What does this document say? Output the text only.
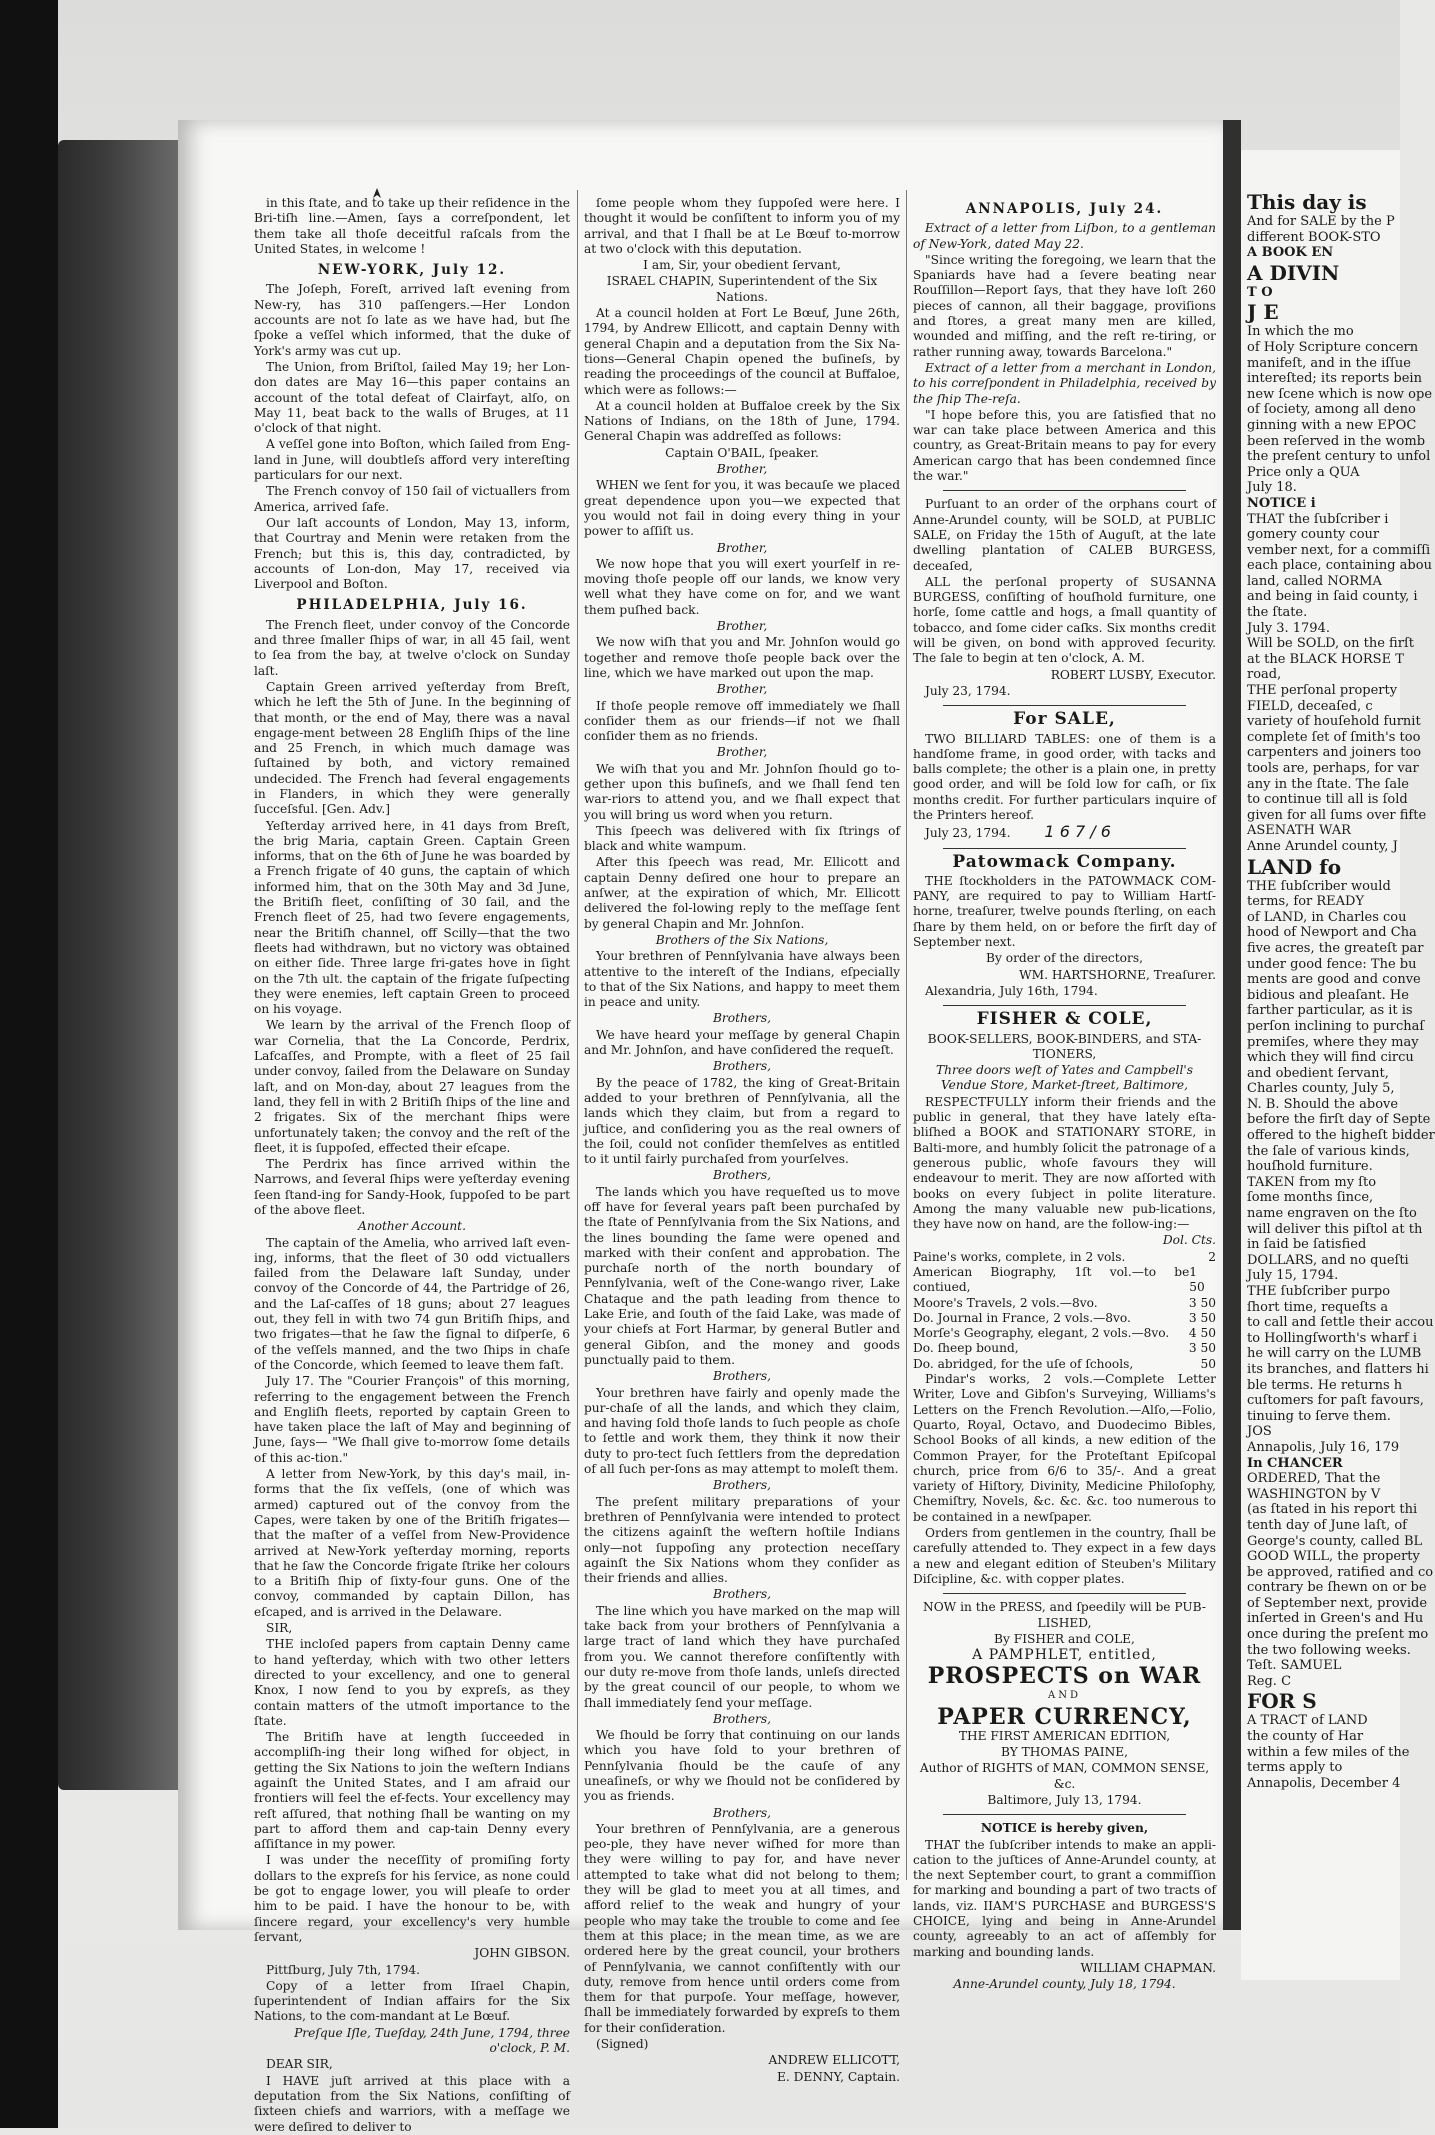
in this ſtate, and to take up their reſidence in the Bri-tiſh line.—Amen, ſays a correſpondent, let them take all thoſe deceitful raſcals from the United States, in welcome !

NEW-YORK, July 12.

The Joſeph, Foreſt, arrived laſt evening from New-ry, has 310 paſſengers.—Her London accounts are not ſo late as we have had, but ſhe ſpoke a veſſel which informed, that the duke of York's army was cut up.

The Union, from Briſtol, ſailed May 19; her Lon-don dates are May 16—this paper contains an account of the total defeat of Clairfayt, alſo, on May 11, beat back to the walls of Bruges, at 11 o'clock of that night.

A veſſel gone into Boſton, which ſailed from Eng-land in June, will doubtleſs afford very intereſting particulars for our next.

The French convoy of 150 ſail of victuallers from America, arrived ſafe.

Our laſt accounts of London, May 13, inform, that Courtray and Menin were retaken from the French; but this is, this day, contradicted, by accounts of Lon-don, May 17, received via Liverpool and Boſton.

PHILADELPHIA, July 16.

The French fleet, under convoy of the Concorde and three ſmaller ſhips of war, in all 45 ſail, went to ſea from the bay, at twelve o'clock on Sunday laſt.

Captain Green arrived yeſterday from Breſt, which he left the 5th of June. In the beginning of that month, or the end of May, there was a naval engage-ment between 28 Engliſh ſhips of the line and 25 French, in which much damage was ſuſtained by both, and victory remained undecided. The French had ſeveral engagements in Flanders, in which they were generally ſucceſsful. [Gen. Adv.]

Yeſterday arrived here, in 41 days from Breſt, the brig Maria, captain Green. Captain Green informs, that on the 6th of June he was boarded by a French frigate of 40 guns, the captain of which informed him, that on the 30th May and 3d June, the Britiſh fleet, conſiſting of 30 ſail, and the French fleet of 25, had two ſevere engagements, near the Britiſh channel, off Scilly—that the two fleets had withdrawn, but no victory was obtained on either ſide. Three large fri-gates hove in ſight on the 7th ult. the captain of the frigate ſuſpecting they were enemies, left captain Green to proceed on his voyage.

We learn by the arrival of the French ſloop of war Cornelia, that the La Concorde, Perdrix, Lafcaſſes, and Prompte, with a fleet of 25 ſail under convoy, ſailed from the Delaware on Sunday laſt, and on Mon-day, about 27 leagues from the land, they fell in with 2 Britiſh ſhips of the line and 2 frigates. Six of the merchant ſhips were unfortunately taken; the convoy and the reſt of the fleet, it is ſuppoſed, effected their eſcape.

The Perdrix has ſince arrived within the Narrows, and ſeveral ſhips were yeſterday evening ſeen ſtand-ing for Sandy-Hook, ſuppoſed to be part of the above fleet.

Another Account.

The captain of the Amelia, who arrived laſt even-ing, informs, that the fleet of 30 odd victuallers failed from the Delaware laſt Sunday, under convoy of the Concorde of 44, the Partridge of 26, and the Laſ-caſſes of 18 guns; about 27 leagues out, they fell in with two 74 gun Britiſh ſhips, and two frigates—that he ſaw the ſignal to diſperſe, 6 of the veſſels manned, and the two ſhips in chaſe of the Concorde, which ſeemed to leave them faſt.

July 17. The "Courier François" of this morning, referring to the engagement between the French and Engliſh fleets, reported by captain Green to have taken place the laſt of May and beginning of June, ſays— "We ſhall give to-morrow ſome details of this ac-tion."

A letter from New-York, by this day's mail, in-forms that the ſix veſſels, (one of which was armed) captured out of the convoy from the Capes, were taken by one of the Britiſh frigates—that the maſter of a veſſel from New-Providence arrived at New-York yeſterday morning, reports that he ſaw the Concorde frigate ſtrike her colours to a Britiſh ſhip of ſixty-four guns. One of the convoy, commanded by captain Dillon, has eſcaped, and is arrived in the Delaware.

SIR,

THE incloſed papers from captain Denny came to hand yeſterday, which with two other letters directed to your excellency, and one to general Knox, I now ſend to you by expreſs, as they contain matters of the utmoſt importance to the ſtate.

The Britiſh have at length ſucceeded in accompliſh-ing their long wiſhed for object, in getting the Six Nations to join the weſtern Indians againſt the United States, and I am afraid our frontiers will feel the ef-fects. Your excellency may reſt aſſured, that nothing ſhall be wanting on my part to afford them and cap-tain Denny every aſſiſtance in my power.

I was under the neceſſity of promiſing forty dollars to the expreſs for his ſervice, as none could be got to engage lower, you will pleaſe to order him to be paid. I have the honour to be, with ſincere regard, your excellency's very humble ſervant,

JOHN GIBSON.

Pittſburg, July 7th, 1794.

Copy of a letter from Iſrael Chapin, ſuperintendent of Indian affairs for the Six Nations, to the com-mandant at Le Bœuf.

Preſque Iſle, Tueſday, 24th June, 1794, three o'clock, P. M.

DEAR SIR,

I HAVE juſt arrived at this place with a deputation from the Six Nations, conſiſting of ſixteen chiefs and warriors, with a meſſage we were deſired to deliver to

ſome people whom they ſuppoſed were here. I thought it would be conſiſtent to inform you of my arrival, and that I ſhall be at Le Bœuf to-morrow at two o'clock with this deputation.

I am, Sir, your obedient ſervant,

ISRAEL CHAPIN, Superintendent of the Six Nations.

At a council holden at Fort Le Bœuf, June 26th, 1794, by Andrew Ellicott, and captain Denny with general Chapin and a deputation from the Six Na-tions—General Chapin opened the buſineſs, by reading the proceedings of the council at Buffaloe, which were as follows:—

At a council holden at Buffaloe creek by the Six Nations of Indians, on the 18th of June, 1794. General Chapin was addreſſed as follows:

Captain O'BAIL, ſpeaker.

Brother,

WHEN we ſent for you, it was becauſe we placed great dependence upon you—we expected that you would not fail in doing every thing in your power to aſſiſt us.

Brother,

We now hope that you will exert yourſelf in re-moving thoſe people off our lands, we know very well what they have come on for, and we want them puſhed back.

Brother,

We now wiſh that you and Mr. Johnſon would go together and remove thoſe people back over the line, which we have marked out upon the map.

Brother,

If thoſe people remove off immediately we ſhall conſider them as our friends—if not we ſhall conſider them as no friends.

Brother,

We wiſh that you and Mr. Johnſon ſhould go to-gether upon this buſineſs, and we ſhall ſend ten war-riors to attend you, and we ſhall expect that you will bring us word when you return.

This ſpeech was delivered with ſix ſtrings of black and white wampum.

After this ſpeech was read, Mr. Ellicott and captain Denny deſired one hour to prepare an anſwer, at the expiration of which, Mr. Ellicott delivered the fol-lowing reply to the meſſage ſent by general Chapin and Mr. Johnſon.

Brothers of the Six Nations,

Your brethren of Pennſylvania have always been attentive to the intereſt of the Indians, eſpecially to that of the Six Nations, and happy to meet them in peace and unity.

Brothers,

We have heard your meſſage by general Chapin and Mr. Johnſon, and have conſidered the requeſt.

Brothers,

By the peace of 1782, the king of Great-Britain added to your brethren of Pennſylvania, all the lands which they claim, but from a regard to juſtice, and conſidering you as the real owners of the ſoil, could not conſider themſelves as entitled to it until fairly purchaſed from yourſelves.

Brothers,

The lands which you have requeſted us to move off have for ſeveral years paſt been purchaſed by the ſtate of Pennſylvania from the Six Nations, and the lines bounding the ſame were opened and marked with their conſent and approbation. The purchaſe north of the north boundary of Pennſylvania, weſt of the Cone-wango river, Lake Chataque and the path leading from thence to Lake Erie, and ſouth of the ſaid Lake, was made of your chiefs at Fort Harmar, by general Butler and general Gibſon, and the money and goods punctually paid to them.

Brothers,

Your brethren have fairly and openly made the pur-chaſe of all the lands, and which they claim, and having ſold thoſe lands to ſuch people as choſe to ſettle and work them, they think it now their duty to pro-tect ſuch ſettlers from the depredation of all ſuch per-ſons as may attempt to moleſt them.

Brothers,

The preſent military preparations of your brethren of Pennſylvania were intended to protect the citizens againſt the weſtern hoſtile Indians only—not ſuppoſing any protection neceſſary againſt the Six Nations whom they conſider as their friends and allies.

Brothers,

The line which you have marked on the map will take back from your brothers of Pennſylvania a large tract of land which they have purchaſed from you. We cannot therefore conſiſtently with our duty re-move from thoſe lands, unleſs directed by the great council of our people, to whom we ſhall immediately ſend your meſſage.

Brothers,

We ſhould be ſorry that continuing on our lands which you have ſold to your brethren of Pennſylvania ſhould be the cauſe of any uneaſineſs, or why we ſhould not be conſidered by you as friends.

Brothers,

Your brethren of Pennſylvania, are a generous peo-ple, they have never wiſhed for more than they were willing to pay for, and have never attempted to take what did not belong to them; they will be glad to meet you at all times, and afford relief to the weak and hungry of your people who may take the trouble to come and ſee them at this place; in the mean time, as we are ordered here by the great council, your brothers of Pennſylvania, we cannot conſiſtently with our duty, remove from hence until orders come from them for that purpoſe. Your meſſage, however, ſhall be immediately forwarded by expreſs to them for their conſideration.

(Signed)

ANDREW ELLICOTT,

E. DENNY, Captain.

ANNAPOLIS, July 24.

Extract of a letter from Liſbon, to a gentleman of New-York, dated May 22.

"Since writing the foregoing, we learn that the Spaniards have had a ſevere beating near Rouſſillon—Report ſays, that they have loſt 260 pieces of cannon, all their baggage, proviſions and ſtores, a great many men are killed, wounded and miſſing, and the reſt re-tiring, or rather running away, towards Barcelona."

Extract of a letter from a merchant in London, to his correſpondent in Philadelphia, received by the ſhip The-reſa.

"I hope before this, you are ſatisfied that no war can take place between America and this country, as Great-Britain means to pay for every American cargo that has been condemned ſince the war."

Purſuant to an order of the orphans court of Anne-Arundel county, will be SOLD, at PUBLIC SALE, on Friday the 15th of Auguſt, at the late dwelling plantation of CALEB BURGESS, deceaſed,

ALL the perſonal property of SUSANNA BURGESS, conſiſting of houſhold furniture, one horſe, ſome cattle and hogs, a ſmall quantity of tobacco, and ſome cider caſks. Six months credit will be given, on bond with approved ſecurity. The ſale to begin at ten o'clock, A. M.

ROBERT LUSBY, Executor.

July 23, 1794.

For SALE,

TWO BILLIARD TABLES: one of them is a handſome frame, in good order, with tacks and balls complete; the other is a plain one, in pretty good order, and will be ſold low for caſh, or ſix months credit. For further particulars inquire of the Printers hereof.

July 23, 1794. 1 6 7 / 6

Patowmack Company.

THE ſtockholders in the PATOWMACK COM-PANY, are required to pay to William Hartſ-horne, treaſurer, twelve pounds ſterling, on each ſhare by them held, on or before the firſt day of September next.

By order of the directors,

WM. HARTSHORNE, Treaſurer.

Alexandria, July 16th, 1794.

FISHER & COLE,

BOOK-SELLERS, BOOK-BINDERS, and STA-TIONERS,

Three doors weſt of Yates and Campbell's Vendue Store, Market-ſtreet, Baltimore,

RESPECTFULLY inform their friends and the public in general, that they have lately eſta-bliſhed a BOOK and STATIONARY STORE, in Balti-more, and humbly ſolicit the patronage of a generous public, whoſe favours they will endeavour to merit. They are now aſſorted with books on every ſubject in polite literature. Among the many valuable new pub-lications, they have now on hand, are the follow-ing:—

Dol. Cts.

Paine's works, complete, in 2 vols.	2
American Biography, 1ſt vol.—to be contiued,
1 50
Moore's Travels, 2 vols.—8vo.	3 50
Do. Journal in France, 2 vols.—8vo.	3 50
Morſe's Geography, elegant, 2 vols.—8vo. 4 50
Do. ſheep bound,	3 50
Do. abridged, for the uſe of ſchools,	50

Pindar's works, 2 vols.—Complete Letter Writer, Love and Gibſon's Surveying, Williams's Letters on the French Revolution.—Alſo,—Folio, Quarto, Royal, Octavo, and Duodecimo Bibles, School Books of all kinds, a new edition of the Common Prayer, for the Proteſtant Epiſcopal church, price from 6/6 to 35/-. And a great variety of Hiſtory, Divinity, Medicine Philoſophy, Chemiſtry, Novels, &c. &c. &c. too numerous to be contained in a newſpaper.

Orders from gentlemen in the country, ſhall be carefully attended to. They expect in a few days a new and elegant edition of Steuben's Military Diſcipline, &c. with copper plates.

NOW in the PRESS, and ſpeedily will be PUB-LISHED,

By FISHER and COLE,

A PAMPHLET, entitled,

PROSPECTS on WAR

AND

PAPER CURRENCY,

THE FIRST AMERICAN EDITION,

BY THOMAS PAINE,

Author of RIGHTS of MAN, COMMON SENSE, &c.

Baltimore, July 13, 1794.

NOTICE is hereby given,

THAT the ſubſcriber intends to make an appli-cation to the juſtices of Anne-Arundel county, at the next September court, to grant a commiſſion for marking and bounding a part of two tracts of lands, viz. IIAM'S PURCHASE and BURGESS'S CHOICE, lying and being in Anne-Arundel county, agreeably to an act of aſſembly for marking and bounding lands.

WILLIAM CHAPMAN.

Anne-Arundel county, July 18, 1794.

This day is
And for SALE by the P
different BOOK-STO
A BOOK EN
A DIVIN
T O
J E
In which the mo
of Holy Scripture concern
manifeſt, and in the iſſue
intereſted; its reports bein
new ſcene which is now ope
of ſociety, among all deno
ginning with a new EPOC
been reſerved in the womb
the preſent century to unfol
Price only a QUA
July 18.
NOTICE i
THAT the ſubſcriber i
gomery county cour
vember next, for a commiſſi
each place, containing abou
land, called NORMA
and being in ſaid county, i
the ſtate.
July 3. 1794.
Will be SOLD, on the firſt
at the BLACK HORSE T
road,
THE perſonal property
FIELD, deceaſed, c
variety of houſehold furnit
complete ſet of ſmith's too
carpenters and joiners too
tools are, perhaps, for var
any in the ſtate. The ſale
to continue till all is ſold
given for all ſums over fifte
ASENATH WAR
Anne Arundel county, J
LAND fo
THE ſubſcriber would
terms, for READY
of LAND, in Charles cou
hood of Newport and Cha
five acres, the greateſt par
under good fence: The bu
ments are good and conve
bidious and pleaſant. He
farther particular, as it is
perſon inclining to purchaſ
premiſes, where they may
which they will find circu
and obedient ſervant,
Charles county, July 5,
N. B. Should the above
before the firſt day of Septe
offered to the higheſt bidder
the ſale of various kinds,
houſhold furniture.
TAKEN from my ſto
ſome months ſince,
name engraven on the ſto
will deliver this piſtol at th
in ſaid be ſatisfied
DOLLARS, and no queſti
July 15, 1794.
THE ſubſcriber purpo
ſhort time, requeſts a
to call and ſettle their accou
to Hollingſworth's wharf i
he will carry on the LUMB
its branches, and flatters hi
ble terms. He returns h
cuſtomers for paſt favours,
tinuing to ſerve them.
JOS
Annapolis, July 16, 179
In CHANCER
ORDERED, That the
WASHINGTON by V
(as ſtated in his report thi
tenth day of June laſt, of
George's county, called BL
GOOD WILL, the property
be approved, ratified and co
contrary be ſhewn on or be
of September next, provide
inſerted in Green's and Hu
once during the preſent mo
the two following weeks.
Teſt. SAMUEL
Reg. C
FOR S
A TRACT of LAND
the county of Har
within a few miles of the
terms apply to
Annapolis, December 4
